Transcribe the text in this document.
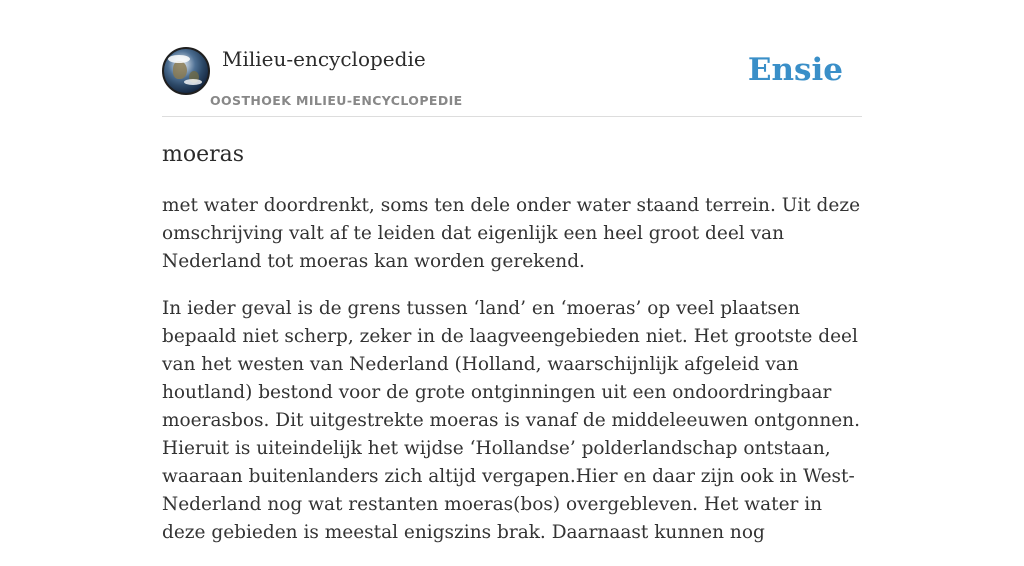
Milieu-encyclopedie
OOSTHOEK MILIEU-ENCYCLOPEDIE
Ensie
moeras

met water doordrenkt, soms ten dele onder water staand terrein. Uit deze omschrijving valt af te leiden dat eigenlijk een heel groot deel van Nederland tot moeras kan worden gerekend.

In ieder geval is de grens tussen ‘land’ en ‘moeras’ op veel plaatsen bepaald niet scherp, zeker in de laagveengebieden niet. Het grootste deel van het westen van Nederland (Holland, waarschijnlijk afgeleid van houtland) bestond voor de grote ontginningen uit een ondoordringbaar moerasbos. Dit uitgestrekte moeras is vanaf de middeleeuwen ontgonnen. Hieruit is uiteindelijk het wijdse ‘Hollandse’ polderlandschap ontstaan, waaraan buitenlanders zich altijd vergapen.Hier en daar zijn ook in West-Nederland nog wat restanten moeras(bos) overgebleven. Het water in deze gebieden is meestal enigszins brak. Daarnaast kunnen nog
